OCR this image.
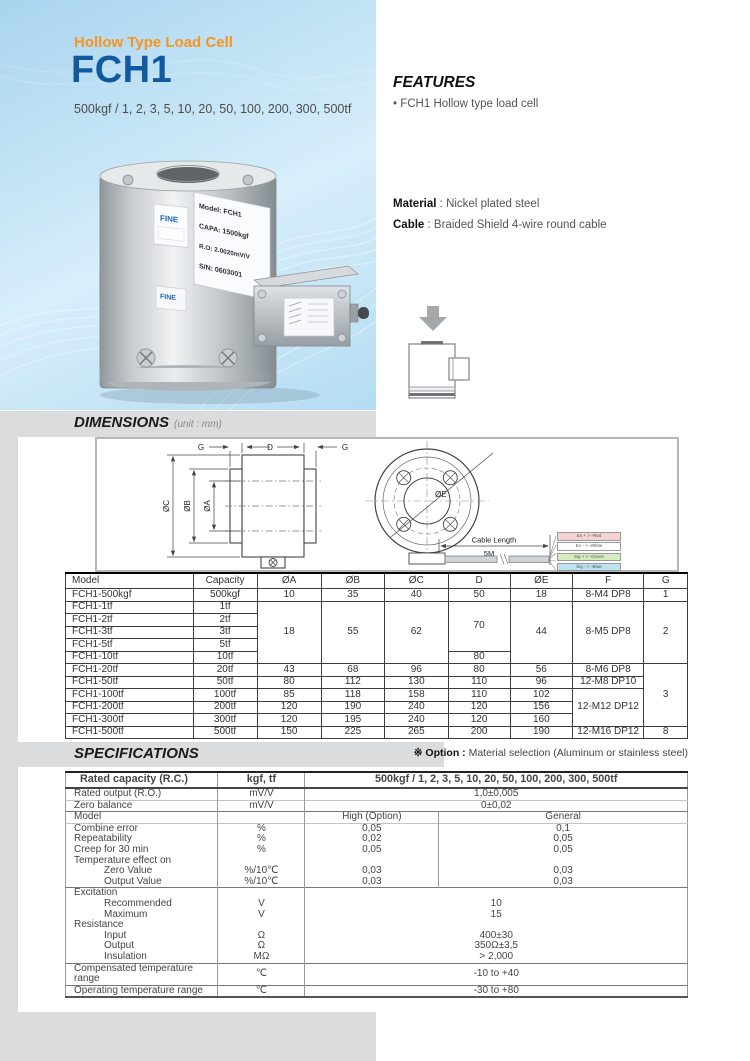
Hollow Type Load Cell
FCH1
500kgf / 1, 2, 3, 5, 10, 20, 50, 100, 200, 300, 500tf
FINE
FINE
Model: FCH1
CAPA: 1500kgf
R.O: 2.0020mV/V
S/N: 0603001
FEATURES
• FCH1 Hollow type load cell
Material : Nickel plated steel
Cable : Braided Shield 4-wire round cable
DIMENSIONS (unit : mm)
D
G	G
ØC ØB ØA
ØE
Cable Length
5M
Ex + > -Red
Ex - > -White
Sig + > -Green
Sig - > -Blue
Model	Capacity	ØA	ØB	ØC	D	ØE	F	G
FCH1-500kgf	500kgf	10	35	40	50	18	8-M4 DP8	1
FCH1-1tf	1tf	18	55	62	70	44	8-M5 DP8	2
FCH1-2tf	2tf							
FCH1-3tf	3tf							
FCH1-5tf	5tf							
FCH1-10tf	10tf				80			
FCH1-20tf	20tf	43	68	96	80	56	8-M6 DP8	3
FCH1-50tf	50tf	80	112	130	110	96	12-M8 DP10	
FCH1-100tf	100tf	85	118	158	110	102	12-M12 DP12	
FCH1-200tf	200tf	120	190	240	120	156		
FCH1-300tf	300tf	120	195	240	120	160		
FCH1-500tf	500tf	150	225	265	200	190	12-M16 DP12	8
SPECIFICATIONS	※ Option : Material selection (Aluminum or stainless steel)
Rated capacity (R.C.)	kgf, tf	500kgf / 1, 2, 3, 5, 10, 20, 50, 100, 200, 300, 500tf	
Rated output (R.O.)	mV/V	1,0±0,005	
Zero balance	mV/V	0±0,02	
Model		High (Option)	General
Combine error	%	0,05	0,1
Repeatability	%	0,02	0,05
Creep for 30 min	%	0,05	0,05
Temperature effect on			
Zero Value	%/10℃	0,03	0,03
Output Value	%/10℃	0,03	0,03
Excitation			
Recommended	V	10	
Maximum	V	15	
Resistance			
Input	Ω	400±30	
Output	Ω	350Ω±3,5	
Insulation	MΩ	> 2,000	
Compensated temperature range	℃	-10 to +40	
Operating temperature range	℃	-30 to +80	
